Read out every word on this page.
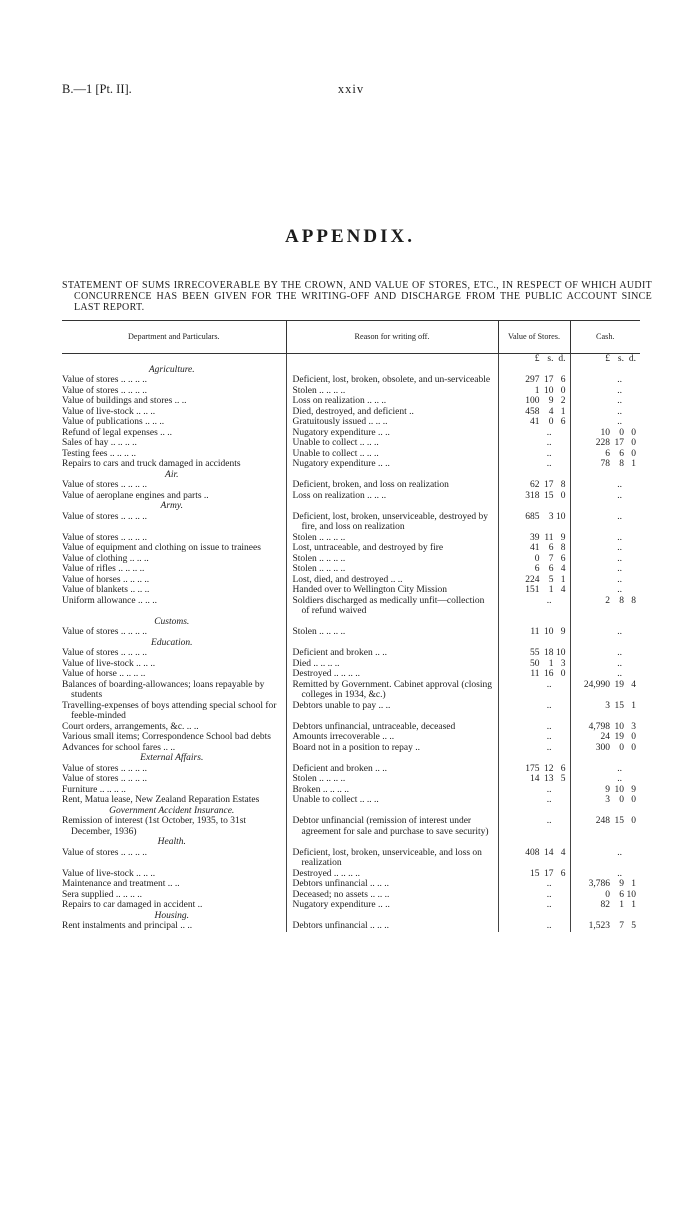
B.—1 [Pt. II].	xxiv
APPENDIX.
STATEMENT OF SUMS IRRECOVERABLE BY THE CROWN, AND VALUE OF STORES, ETC., IN RESPECT OF WHICH AUDIT CONCURRENCE HAS BEEN GIVEN FOR THE WRITING-OFF AND DISCHARGE FROM THE PUBLIC ACCOUNT SINCE LAST REPORT.
Department and Particulars.	Reason for writing off.	Value of Stores.	Cash.

		£ s. d.	£ s. d.

Agriculture.			

Value of stores .. .. .. ..	Deficient, lost, broken, obsolete, and un-serviceable	297 17 6	..

Value of stores .. .. .. ..	Stolen .. .. .. ..	1 10 0	..

Value of buildings and stores .. ..	Loss on realization .. .. ..	100 9 2	..

Value of live-stock .. .. ..	Died, destroyed, and deficient ..	458 4 1	..

Value of publications .. .. ..	Gratuitously issued .. .. ..	41 0 6	..

Refund of legal expenses .. ..	Nugatory expenditure .. ..	..	10 0 0

Sales of hay .. .. .. ..	Unable to collect .. .. ..	..	228 17 0

Testing fees .. .. .. ..	Unable to collect .. .. ..	..	6 6 0

Repairs to cars and truck damaged in accidents	Nugatory expenditure .. ..	..	78 8 1

Air.			

Value of stores .. .. .. ..	Deficient, broken, and loss on realization	62 17 8	..

Value of aeroplane engines and parts ..	Loss on realization .. .. ..	318 15 0	..

Army.			

Value of stores .. .. .. ..	Deficient, lost, broken, unserviceable, destroyed by fire, and loss on realization	685 3 10	..

Value of stores .. .. .. ..	Stolen .. .. .. ..	39 11 9	..

Value of equipment and clothing on issue to trainees	Lost, untraceable, and destroyed by fire	41 6 8	..

Value of clothing .. .. ..	Stolen .. .. .. ..	0 7 6	..

Value of rifles .. .. .. ..	Stolen .. .. .. ..	6 6 4	..

Value of horses .. .. .. ..	Lost, died, and destroyed .. ..	224 5 1	..

Value of blankets .. .. ..	Handed over to Wellington City Mission	151 1 4	..

Uniform allowance .. .. ..	Soldiers discharged as medically unfit—collection of refund waived	..	2 8 8

Customs.			

Value of stores .. .. .. ..	Stolen .. .. .. ..	11 10 9	..

Education.			

Value of stores .. .. .. ..	Deficient and broken .. ..	55 18 10	..

Value of live-stock .. .. ..	Died .. .. .. ..	50 1 3	..

Value of horse .. .. .. ..	Destroyed .. .. .. ..	11 16 0	..

Balances of boarding-allowances; loans repayable by students	Remitted by Government. Cabinet approval (closing colleges in 1934, &c.)	..	24,990 19 4

Travelling-expenses of boys attending special school for feeble-minded	Debtors unable to pay .. ..	..	3 15 1

Court orders, arrangements, &c. .. ..	Debtors unfinancial, untraceable, deceased	..	4,798 10 3

Various small items; Correspondence School bad debts	Amounts irrecoverable .. ..	..	24 19 0

Advances for school fares .. ..	Board not in a position to repay ..	..	300 0 0

External Affairs.			

Value of stores .. .. .. ..	Deficient and broken .. ..	175 12 6	..

Value of stores .. .. .. ..	Stolen .. .. .. ..	14 13 5	..

Furniture .. .. .. ..	Broken .. .. .. ..	..	9 10 9

Rent, Matua lease, New Zealand Reparation Estates	Unable to collect .. .. ..	..	3 0 0

Government Accident Insurance.			

Remission of interest (1st October, 1935, to 31st December, 1936)	Debtor unfinancial (remission of interest under agreement for sale and purchase to save security)	..	248 15 0

Health.			

Value of stores .. .. .. ..	Deficient, lost, broken, unserviceable, and loss on realization	408 14 4	..

Value of live-stock .. .. ..	Destroyed .. .. .. ..	15 17 6	..

Maintenance and treatment .. ..	Debtors unfinancial .. .. ..	..	3,786 9 1

Sera supplied .. .. .. ..	Deceased; no assets .. .. ..	..	0 6 10

Repairs to car damaged in accident ..	Nugatory expenditure .. ..	..	82 1 1

Housing.			

Rent instalments and principal .. ..	Debtors unfinancial .. .. ..	..	1,523 7 5
